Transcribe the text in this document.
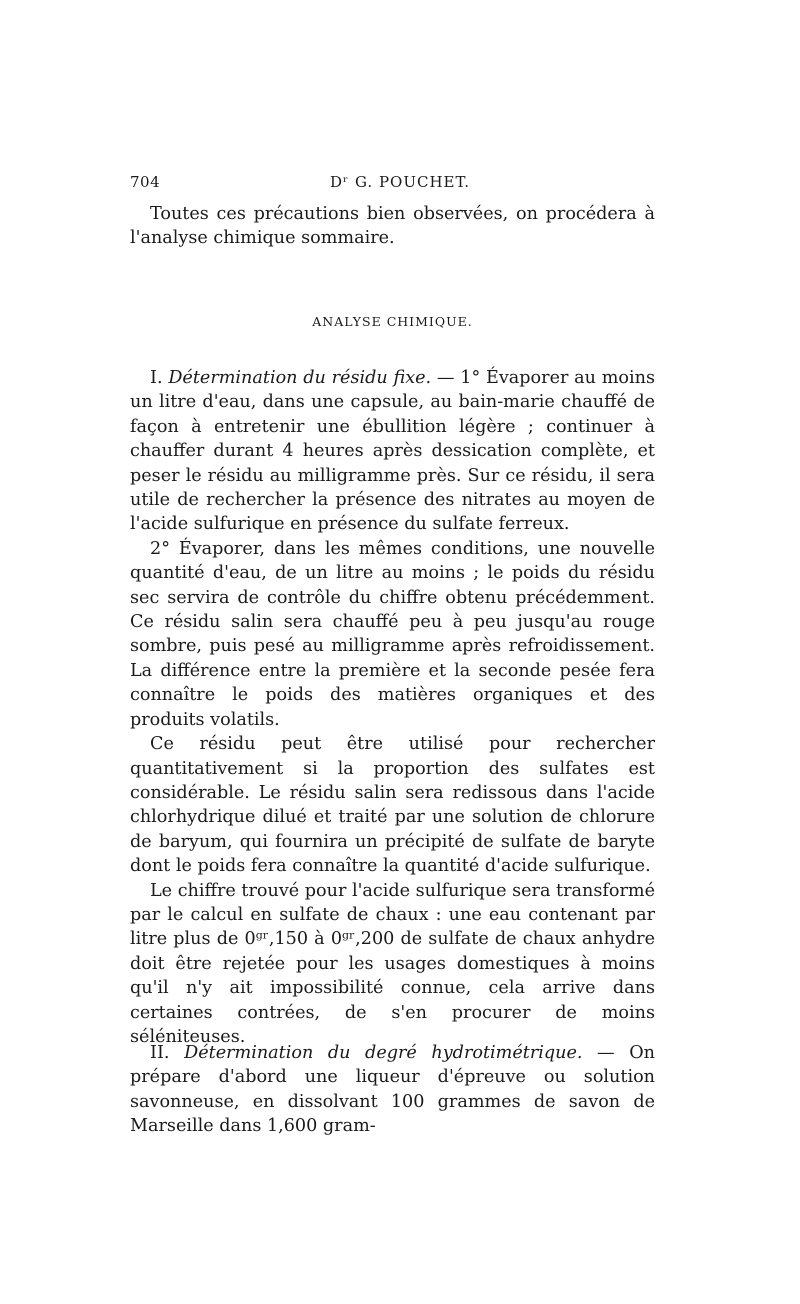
704	Dʳ G. POUCHET.

Toutes ces précautions bien observées, on procédera à l'analyse chimique sommaire.

ANALYSE CHIMIQUE.

I. Détermination du résidu fixe. — 1° Évaporer au moins un litre d'eau, dans une capsule, au bain-marie chauffé de façon à entretenir une ébullition légère ; continuer à chauffer durant 4 heures après dessication complète, et peser le résidu au milligramme près. Sur ce résidu, il sera utile de rechercher la présence des nitrates au moyen de l'acide sulfurique en présence du sulfate ferreux.

2° Évaporer, dans les mêmes conditions, une nouvelle quantité d'eau, de un litre au moins ; le poids du résidu sec servira de contrôle du chiffre obtenu précédemment. Ce résidu salin sera chauffé peu à peu jusqu'au rouge sombre, puis pesé au milligramme après refroidissement. La différence entre la première et la seconde pesée fera connaître le poids des matières organiques et des produits volatils.

Ce résidu peut être utilisé pour rechercher quantitativement si la proportion des sulfates est considérable. Le résidu salin sera redissous dans l'acide chlorhydrique dilué et traité par une solution de chlorure de baryum, qui fournira un précipité de sulfate de baryte dont le poids fera connaître la quantité d'acide sulfurique.

Le chiffre trouvé pour l'acide sulfurique sera transformé par le calcul en sulfate de chaux : une eau contenant par litre plus de 0ᵍʳ,150 à 0ᵍʳ,200 de sulfate de chaux anhydre doit être rejetée pour les usages domestiques à moins qu'il n'y ait impossibilité connue, cela arrive dans certaines contrées, de s'en procurer de moins séléniteuses.

II. Détermination du degré hydrotimétrique. — On prépare d'abord une liqueur d'épreuve ou solution savonneuse, en dissolvant 100 grammes de savon de Marseille dans 1,600 gram-
